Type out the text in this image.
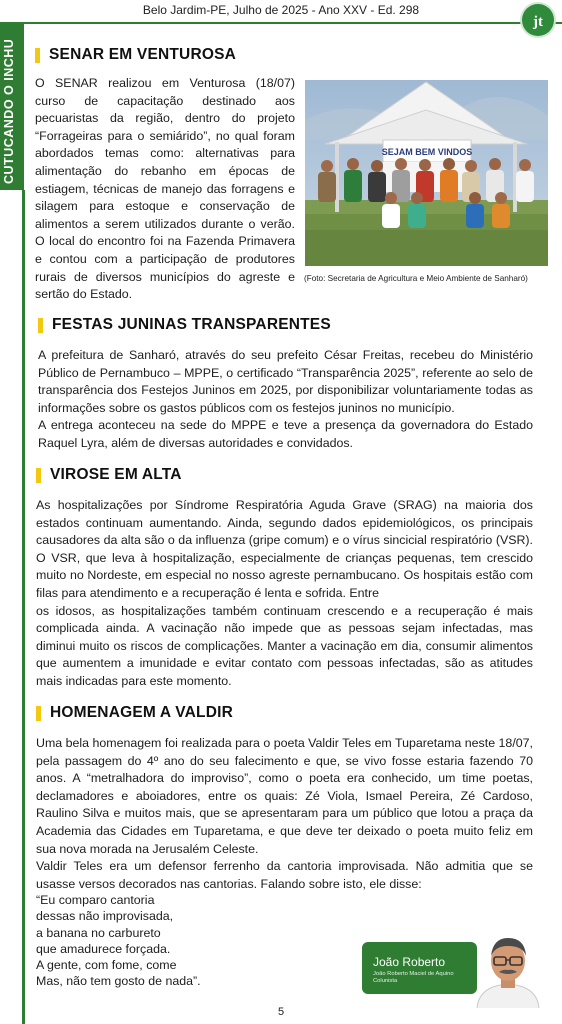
Belo Jardim-PE, Julho de 2025 - Ano XXV - Ed. 298
jt
CUTUCANDO O INCHU SENAR EM VENTUROSA
O SENAR realizou em Venturosa (18/07)
curso de capacitação destinado aos
pecuaristas da região, dentro do projeto
“Forrageiras para o semiárido”, no qual foram
abordados temas como: alternativas para
alimentação do rebanho em épocas de
estiagem, técnicas de manejo das forragens e
silagem para estoque e conservação de
alimentos a serem utilizados durante o verão.
O local do encontro foi na Fazenda Primavera
e contou com a participação de produtores
rurais de diversos municípios do agreste e
sertão do Estado.
SEJAM BEM VINDOS
(Foto: Secretaria de Agricultura e Meio Ambiente de Sanharó)
FESTAS JUNINAS TRANSPARENTES

A prefeitura de Sanharó, através do seu prefeito César Freitas, recebeu do Ministério Público de Pernambuco – MPPE, o certificado “Transparência 2025”, referente ao selo de transparência dos Festejos Juninos em 2025, por disponibilizar voluntariamente todas as informações sobre os gastos públicos com os festejos juninos no município.

A entrega aconteceu na sede do MPPE e teve a presença da governadora do Estado Raquel Lyra, além de diversas autoridades e convidados.

VIROSE EM ALTA

As hospitalizações por Síndrome Respiratória Aguda Grave (SRAG) na maioria dos estados continuam aumentando. Ainda, segundo dados epidemiológicos, os principais causadores da alta são o da influenza (gripe comum) e o vírus sincicial respiratório (VSR). O VSR, que leva à hospitalização, especialmente de crianças pequenas, tem crescido muito no Nordeste, em especial no nosso agreste pernambucano. Os hospitais estão com filas para atendimento e a recuperação é lenta e sofrida. Entre

os idosos, as hospitalizações também continuam crescendo e a recuperação é mais complicada ainda. A vacinação não impede que as pessoas sejam infectadas, mas diminui muito os riscos de complicações. Manter a vacinação em dia, consumir alimentos que aumentem a imunidade e evitar contato com pessoas infectadas, são as atitudes mais indicadas para este momento.

HOMENAGEM A VALDIR

Uma bela homenagem foi realizada para o poeta Valdir Teles em Tuparetama neste 18/07, pela passagem do 4º ano do seu falecimento e que, se vivo fosse estaria fazendo 70 anos. A “metralhadora do improviso”, como o poeta era conhecido, um time poetas, declamadores e aboiadores, entre os quais: Zé Viola, Ismael Pereira, Zé Cardoso, Raulino Silva e muitos mais, que se apresentaram para um público que lotou a praça da Academia das Cidades em Tuparetama, e que deve ter deixado o poeta muito feliz em sua nova morada na Jerusalém Celeste.

Valdir Teles era um defensor ferrenho da cantoria improvisada. Não admitia que se usasse versos decorados nas cantorias. Falando sobre isto, ele disse:

“Eu comparo cantoria
dessas não improvisada,
a banana no carbureto
que amadurece forçada.
A gente, com fome, come
Mas, não tem gosto de nada”.
João Roberto
João Roberto Maciel de Aquino
Colunista
5
